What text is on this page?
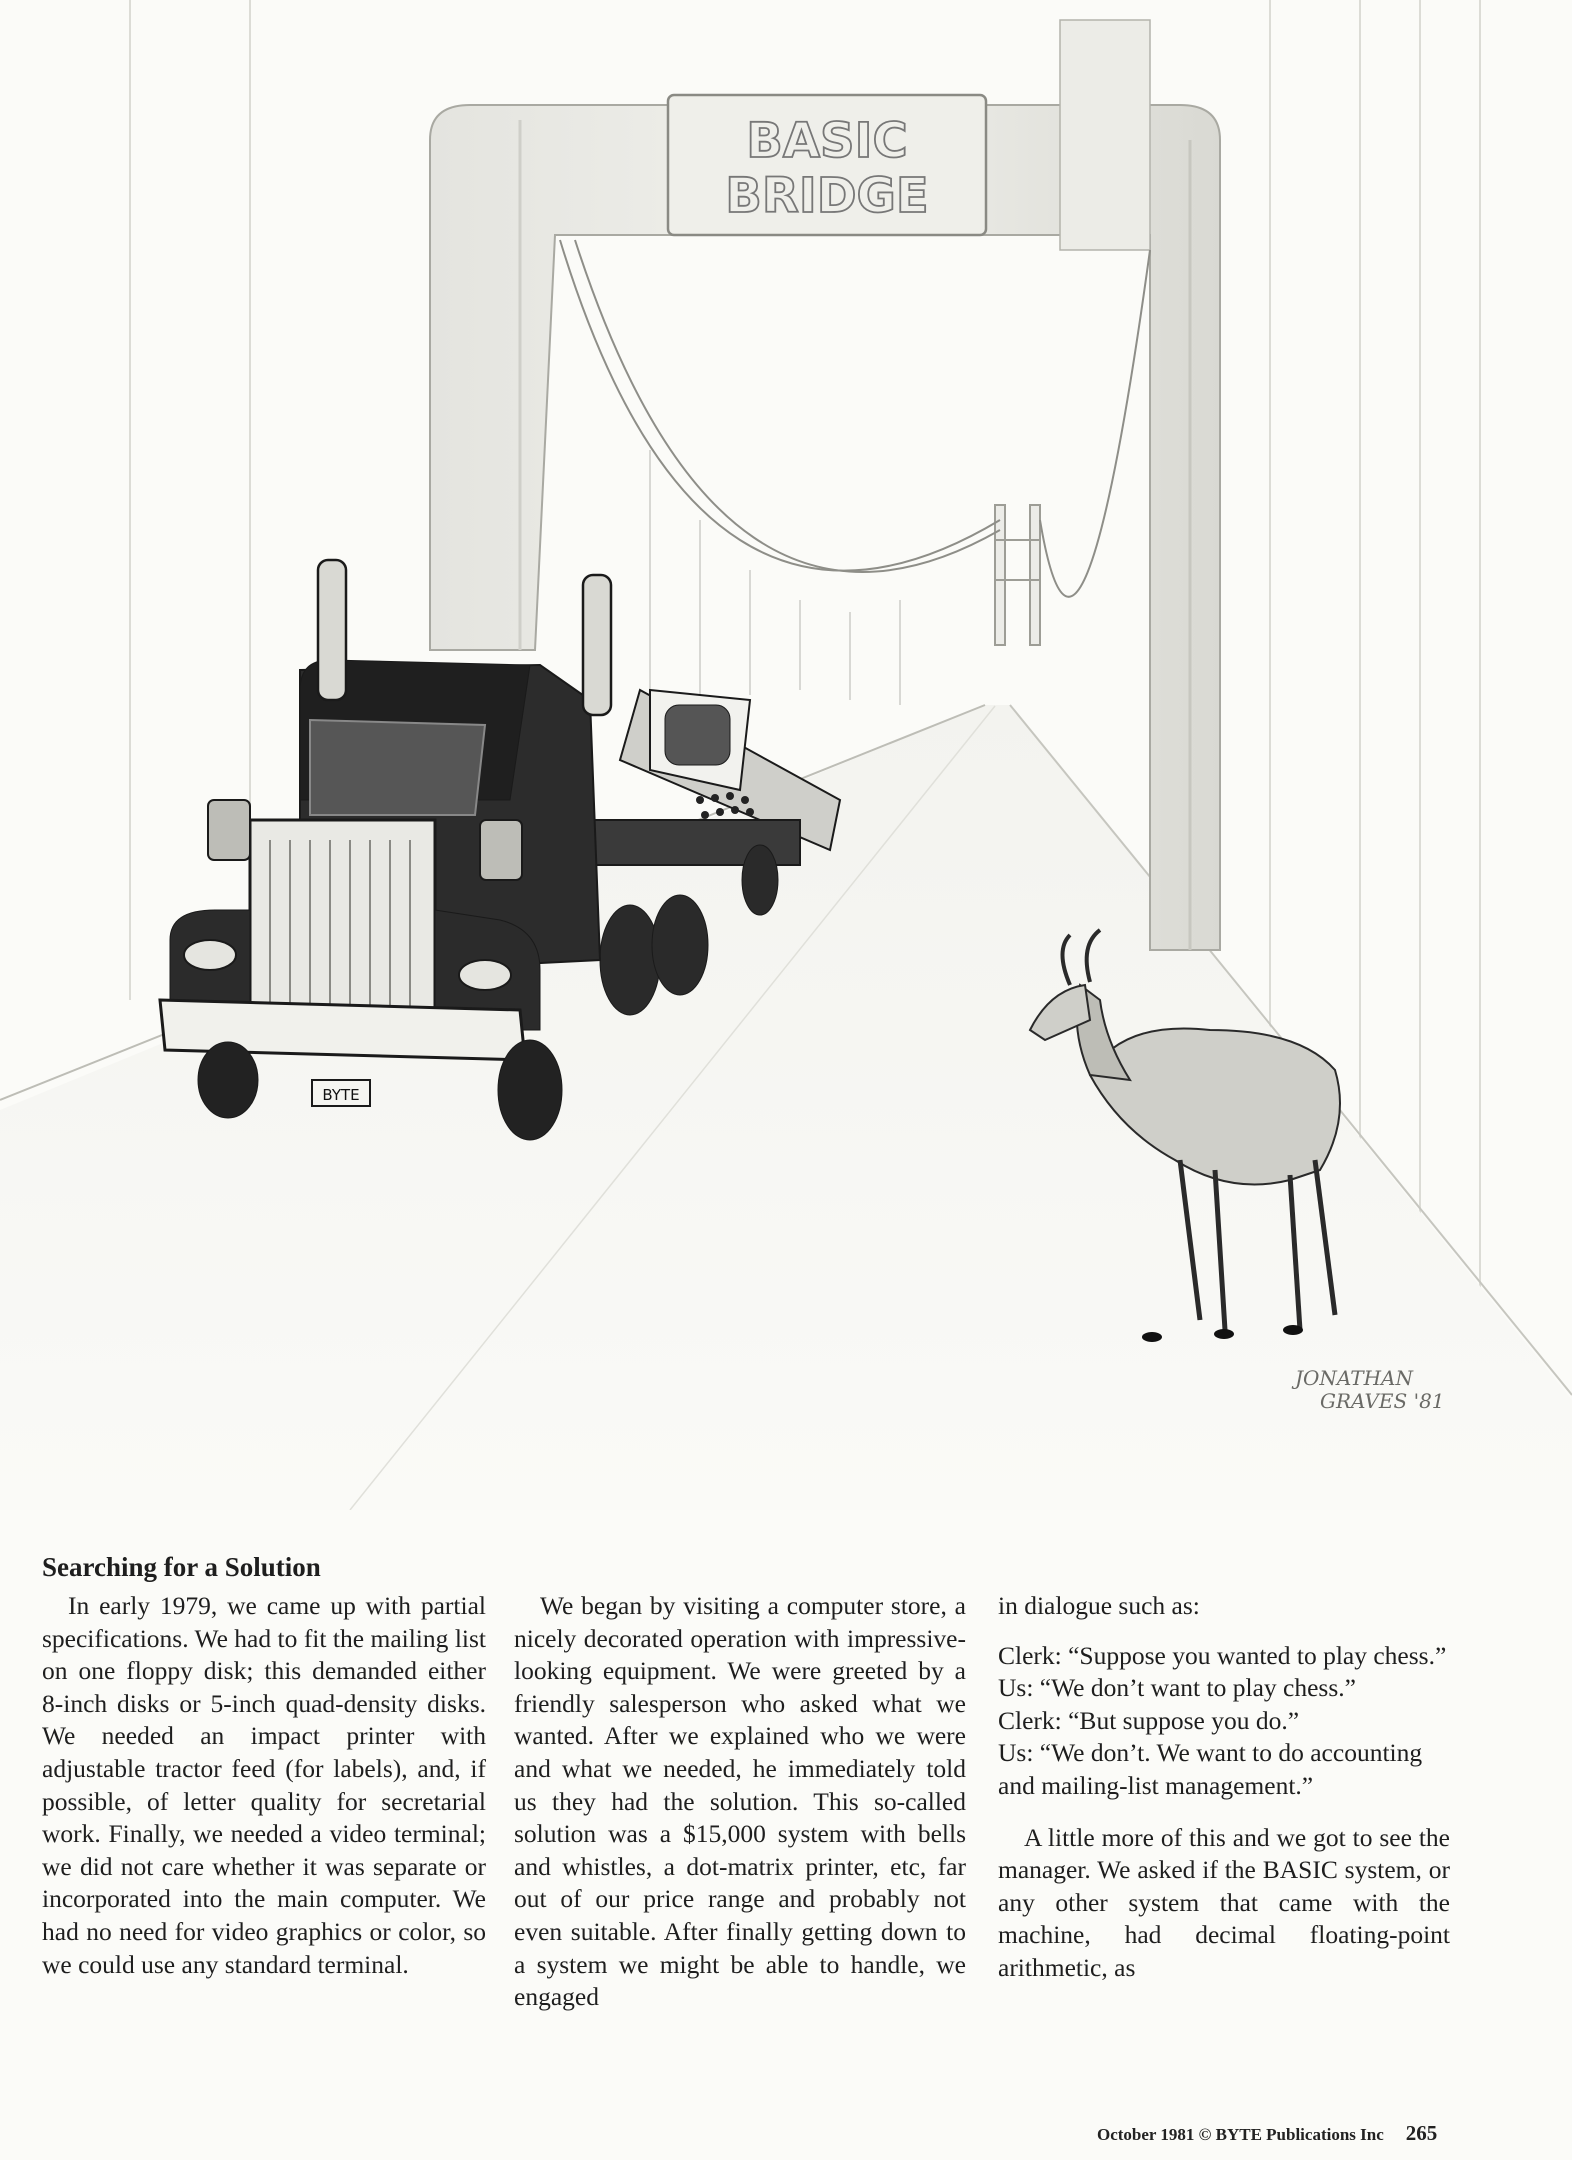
BASIC
BRIDGE
BYTE
JONATHAN
GRAVES '81
Searching for a Solution

In early 1979, we came up with partial specifications. We had to fit the mailing list on one floppy disk; this demanded either 8-inch disks or 5-inch quad-density disks. We needed an impact printer with adjustable tractor feed (for labels), and, if possible, of letter quality for secretarial work. Finally, we needed a video terminal; we did not care whether it was separate or incorporated into the main computer. We had no need for video graphics or color, so we could use any standard terminal.

We began by visiting a computer store, a nicely decorated operation with impressive-looking equipment. We were greeted by a friendly salesperson who asked what we wanted. After we explained who we were and what we needed, he immediately told us they had the solution. This so-called solution was a $15,000 system with bells and whistles, a dot-matrix printer, etc, far out of our price range and probably not even suitable. After finally getting down to a system we might be able to handle, we engaged

in dialogue such as:

Clerk: “Suppose you wanted to play chess.”
Us: “We don’t want to play chess.”
Clerk: “But suppose you do.”
Us: “We don’t. We want to do accounting and mailing-list management.”

A little more of this and we got to see the manager. We asked if the BASIC system, or any other system that came with the machine, had decimal floating-point arithmetic, as

October 1981 © BYTE Publications Inc 265
